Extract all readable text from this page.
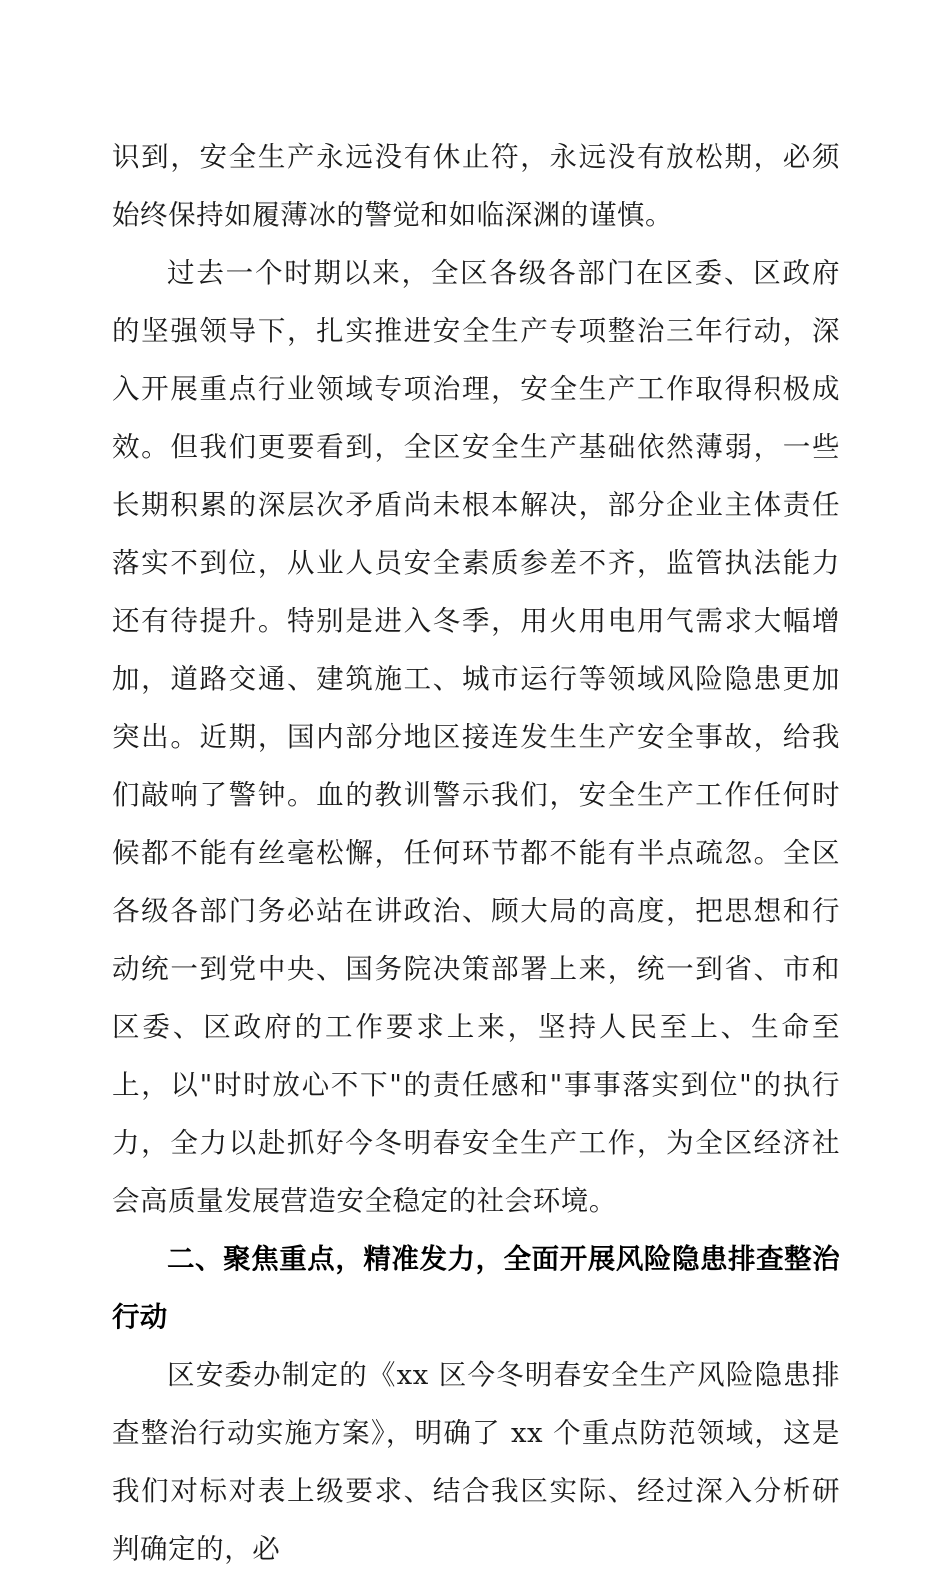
识到，安全生产永远没有休止符，永远没有放松期，必须始终保持如履薄冰的警觉和如临深渊的谨慎。

过去一个时期以来，全区各级各部门在区委、区政府的坚强领导下，扎实推进安全生产专项整治三年行动，深入开展重点行业领域专项治理，安全生产工作取得积极成效。但我们更要看到，全区安全生产基础依然薄弱，一些长期积累的深层次矛盾尚未根本解决，部分企业主体责任落实不到位，从业人员安全素质参差不齐，监管执法能力还有待提升。特别是进入冬季，用火用电用气需求大幅增加，道路交通、建筑施工、城市运行等领域风险隐患更加突出。近期，国内部分地区接连发生生产安全事故，给我们敲响了警钟。血的教训警示我们，安全生产工作任何时候都不能有丝毫松懈，任何环节都不能有半点疏忽。全区各级各部门务必站在讲政治、顾大局的高度，把思想和行动统一到党中央、国务院决策部署上来，统一到省、市和区委、区政府的工作要求上来，坚持人民至上、生命至上，以"时时放心不下"的责任感和"事事落实到位"的执行力，全力以赴抓好今冬明春安全生产工作，为全区经济社会高质量发展营造安全稳定的社会环境。

二、聚焦重点，精准发力，全面开展风险隐患排查整治行动

区安委办制定的《xx 区今冬明春安全生产风险隐患排查整治行动实施方案》，明确了 xx 个重点防范领域，这是我们对标对表上级要求、结合我区实际、经过深入分析研判确定的，必
